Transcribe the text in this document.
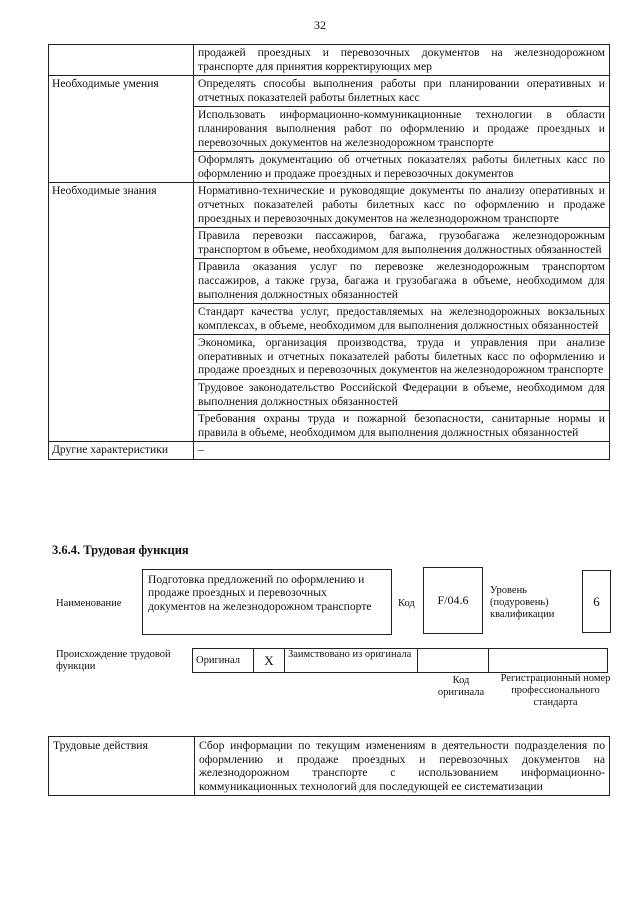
32
	продажей проездных и перевозочных документов на железнодорожном транспорте для принятия корректирующих мер
Необходимые умения	Определять способы выполнения работы при планировании оперативных и отчетных показателей работы билетных касс
	Использовать информационно-коммуникационные технологии в области планирования выполнения работ по оформлению и продаже проездных и перевозочных документов на железнодорожном транспорте
	Оформлять документацию об отчетных показателях работы билетных касс по оформлению и продаже проездных и перевозочных документов
Необходимые знания	Нормативно-технические и руководящие документы по анализу оперативных и отчетных показателей работы билетных касс по оформлению и продаже проездных и перевозочных документов на железнодорожном транспорте
	Правила перевозки пассажиров, багажа, грузобагажа железнодорожным транспортом в объеме, необходимом для выполнения должностных обязанностей
	Правила оказания услуг по перевозке железнодорожным транспортом пассажиров, а также груза, багажа и грузобагажа в объеме, необходимом для выполнения должностных обязанностей
	Стандарт качества услуг, предоставляемых на железнодорожных вокзальных комплексах, в объеме, необходимом для выполнения должностных обязанностей
	Экономика, организация производства, труда и управления при анализе оперативных и отчетных показателей работы билетных касс по оформлению и продаже проездных и перевозочных документов на железнодорожном транспорте
	Трудовое законодательство Российской Федерации в объеме, необходимом для выполнения должностных обязанностей
	Требования охраны труда и пожарной безопасности, санитарные нормы и правила в объеме, необходимом для выполнения должностных обязанностей
Другие характеристики	–
3.6.4. Трудовая функция
Наименование
Подготовка предложений по оформлению и продаже проездных и перевозочных документов на железнодорожном транспорте	Код	F/04.6
Уровень (подуровень) квалификации
6
Происхождение трудовой функции
Оригинал	X	Заимствовано из оригинала		
Код оригинала
Регистрационный номер профессионального стандарта
Трудовые действия	Сбор информации по текущим изменениям в деятельности подразделения по оформлению и продаже проездных и перевозочных документов на железнодорожном транспорте с использованием информационно-коммуникационных технологий для последующей ее систематизации
